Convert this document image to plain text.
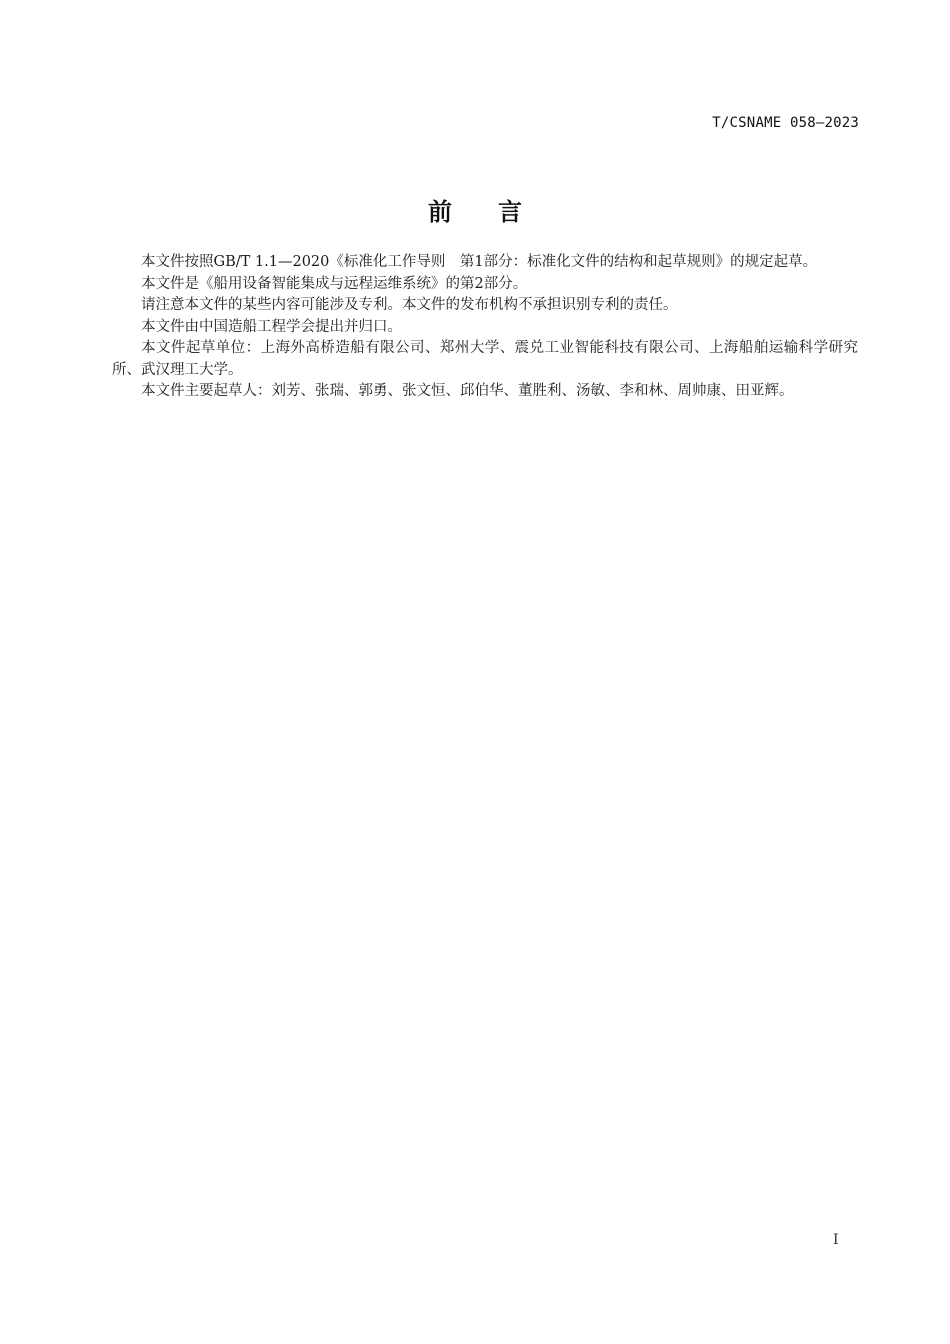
T/CSNAME 058—2023
前言

本文件按照GB/T 1.1—2020《标准化工作导则　第1部分：标准化文件的结构和起草规则》的规定起草。

本文件是《船用设备智能集成与远程运维系统》的第2部分。

请注意本文件的某些内容可能涉及专利。本文件的发布机构不承担识别专利的责任。

本文件由中国造船工程学会提出并归口。

本文件起草单位：上海外高桥造船有限公司、郑州大学、震兑工业智能科技有限公司、上海船舶运输科学研究所、武汉理工大学。

本文件主要起草人：刘芳、张瑞、郭勇、张文恒、邱伯华、董胜利、汤敏、李和林、周帅康、田亚辉。

I
